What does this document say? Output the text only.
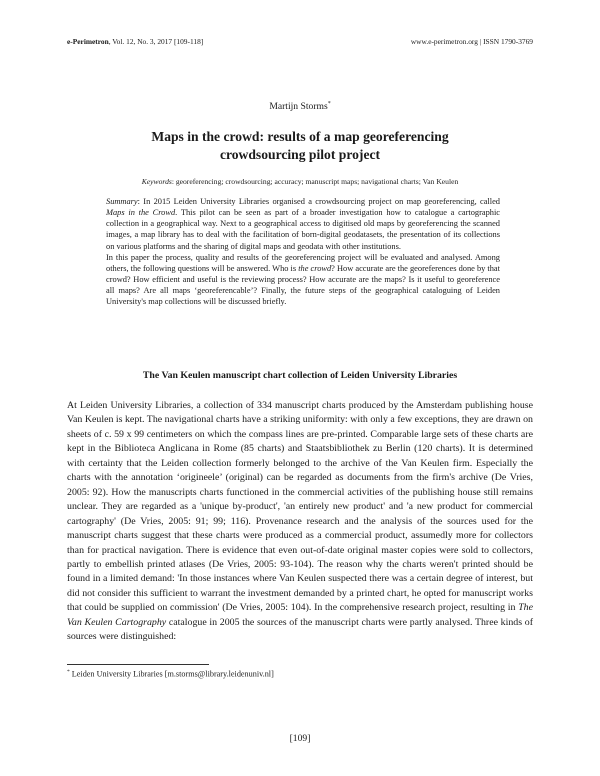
e-Perimetron, Vol. 12, No. 3, 2017 [109-118]	www.e-perimetron.org | ISSN 1790-3769
Martijn Storms*
Maps in the crowd: results of a map georeferencing
crowdsourcing pilot project
Keywords: georeferencing; crowdsourcing; accuracy; manuscript maps; navigational charts; Van Keulen

Summary: In 2015 Leiden University Libraries organised a crowdsourcing project on map georeferencing, called Maps in the Crowd. This pilot can be seen as part of a broader investigation how to catalogue a cartographic collection in a geographical way. Next to a geographical access to digitised old maps by georeferencing the scanned images, a map library has to deal with the facilitation of born-digital geodatasets, the presentation of its collections on various platforms and the sharing of digital maps and geodata with other institutions.

In this paper the process, quality and results of the georeferencing project will be evaluated and analysed. Among others, the following questions will be answered. Who is the crowd? How accurate are the georeferences done by that crowd? How efficient and useful is the reviewing process? How accurate are the maps? Is it useful to georeference all maps? Are all maps ‘georeferencable’? Finally, the future steps of the geographical cataloguing of Leiden University's map collections will be discussed briefly.

The Van Keulen manuscript chart collection of Leiden University Libraries

At Leiden University Libraries, a collection of 334 manuscript charts produced by the Amsterdam publishing house Van Keulen is kept. The navigational charts have a striking uniformity: with only a few exceptions, they are drawn on sheets of c. 59 x 99 centimeters on which the compass lines are pre-printed. Comparable large sets of these charts are kept in the Biblioteca Anglicana in Rome (85 charts) and Staatsbibliothek zu Berlin (120 charts). It is determined with certainty that the Leiden collection formerly belonged to the archive of the Van Keulen firm. Especially the charts with the annotation ‘origineele’ (original) can be regarded as documents from the firm's archive (De Vries, 2005: 92). How the manuscripts charts functioned in the commercial activities of the publishing house still remains unclear. They are regarded as a 'unique by-product', 'an entirely new product' and 'a new product for commercial cartography' (De Vries, 2005: 91; 99; 116). Provenance research and the analysis of the sources used for the manuscript charts suggest that these charts were produced as a commercial product, assumedly more for collectors than for practical navigation. There is evidence that even out-of-date original master copies were sold to collectors, partly to embellish printed atlases (De Vries, 2005: 93-104). The reason why the charts weren't printed should be found in a limited demand: 'In those instances where Van Keulen suspected there was a certain degree of interest, but did not consider this sufficient to warrant the investment demanded by a printed chart, he opted for manuscript works that could be supplied on commission' (De Vries, 2005: 104). In the comprehensive research project, resulting in The Van Keulen Cartography catalogue in 2005 the sources of the manuscript charts were partly analysed. Three kinds of sources were distinguished:

* Leiden University Libraries [m.storms@library.leidenuniv.nl]
[109]
